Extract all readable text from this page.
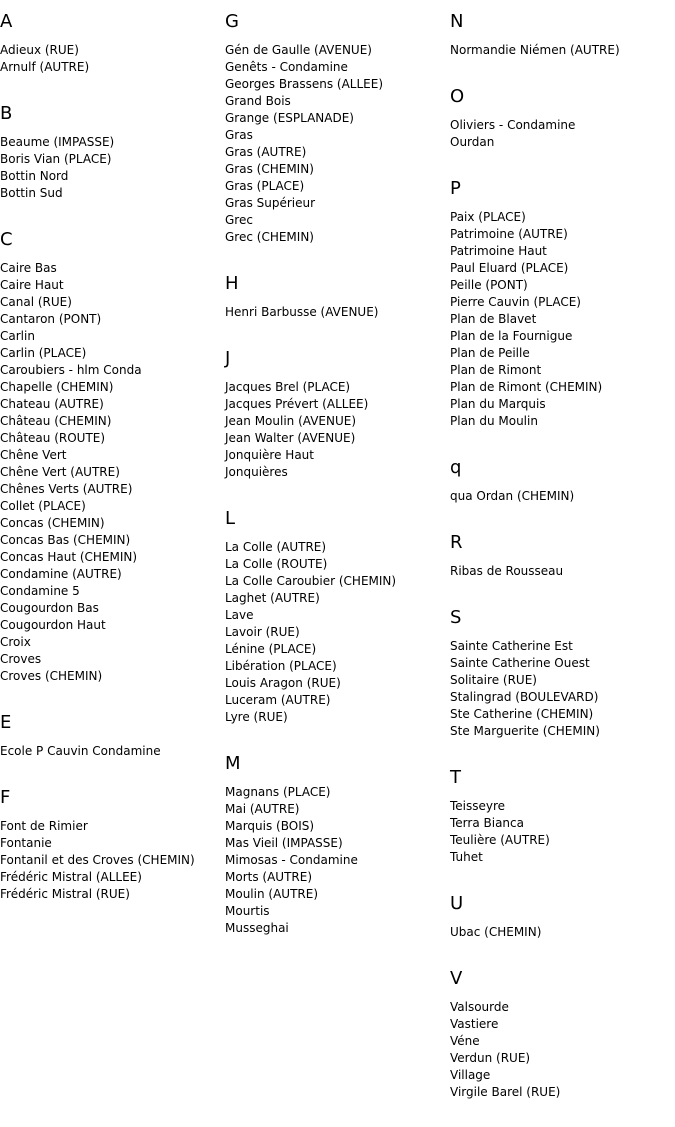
A
Adieux (RUE)
Arnulf (AUTRE)
B
Beaume (IMPASSE)
Boris Vian (PLACE)
Bottin Nord
Bottin Sud
C
Caire Bas
Caire Haut
Canal (RUE)
Cantaron (PONT)
Carlin
Carlin (PLACE)
Caroubiers - hlm Conda
Chapelle (CHEMIN)
Chateau (AUTRE)
Château (CHEMIN)
Château (ROUTE)
Chêne Vert
Chêne Vert (AUTRE)
Chênes Verts (AUTRE)
Collet (PLACE)
Concas (CHEMIN)
Concas Bas (CHEMIN)
Concas Haut (CHEMIN)
Condamine (AUTRE)
Condamine 5
Cougourdon Bas
Cougourdon Haut
Croix
Croves
Croves (CHEMIN)
E
Ecole P Cauvin Condamine
F
Font de Rimier
Fontanie
Fontanil et des Croves (CHEMIN)
Frédéric Mistral (ALLEE)
Frédéric Mistral (RUE)
G
Gén de Gaulle (AVENUE)
Genêts - Condamine
Georges Brassens (ALLEE)
Grand Bois
Grange (ESPLANADE)
Gras
Gras (AUTRE)
Gras (CHEMIN)
Gras (PLACE)
Gras Supérieur
Grec
Grec (CHEMIN)
H
Henri Barbusse (AVENUE)
J
Jacques Brel (PLACE)
Jacques Prévert (ALLEE)
Jean Moulin (AVENUE)
Jean Walter (AVENUE)
Jonquière Haut
Jonquières
L
La Colle (AUTRE)
La Colle (ROUTE)
La Colle Caroubier (CHEMIN)
Laghet (AUTRE)
Lave
Lavoir (RUE)
Lénine (PLACE)
Libération (PLACE)
Louis Aragon (RUE)
Luceram (AUTRE)
Lyre (RUE)
M
Magnans (PLACE)
Mai (AUTRE)
Marquis (BOIS)
Mas Vieil (IMPASSE)
Mimosas - Condamine
Morts (AUTRE)
Moulin (AUTRE)
Mourtis
Musseghai
N
Normandie Niémen (AUTRE)
O
Oliviers - Condamine
Ourdan
P
Paix (PLACE)
Patrimoine (AUTRE)
Patrimoine Haut
Paul Eluard (PLACE)
Peille (PONT)
Pierre Cauvin (PLACE)
Plan de Blavet
Plan de la Fournigue
Plan de Peille
Plan de Rimont
Plan de Rimont (CHEMIN)
Plan du Marquis
Plan du Moulin
q
qua Ordan (CHEMIN)
R
Ribas de Rousseau
S
Sainte Catherine Est
Sainte Catherine Ouest
Solitaire (RUE)
Stalingrad (BOULEVARD)
Ste Catherine (CHEMIN)
Ste Marguerite (CHEMIN)
T
Teisseyre
Terra Bianca
Teulière (AUTRE)
Tuhet
U
Ubac (CHEMIN)
V
Valsourde
Vastiere
Véne
Verdun (RUE)
Village
Virgile Barel (RUE)
